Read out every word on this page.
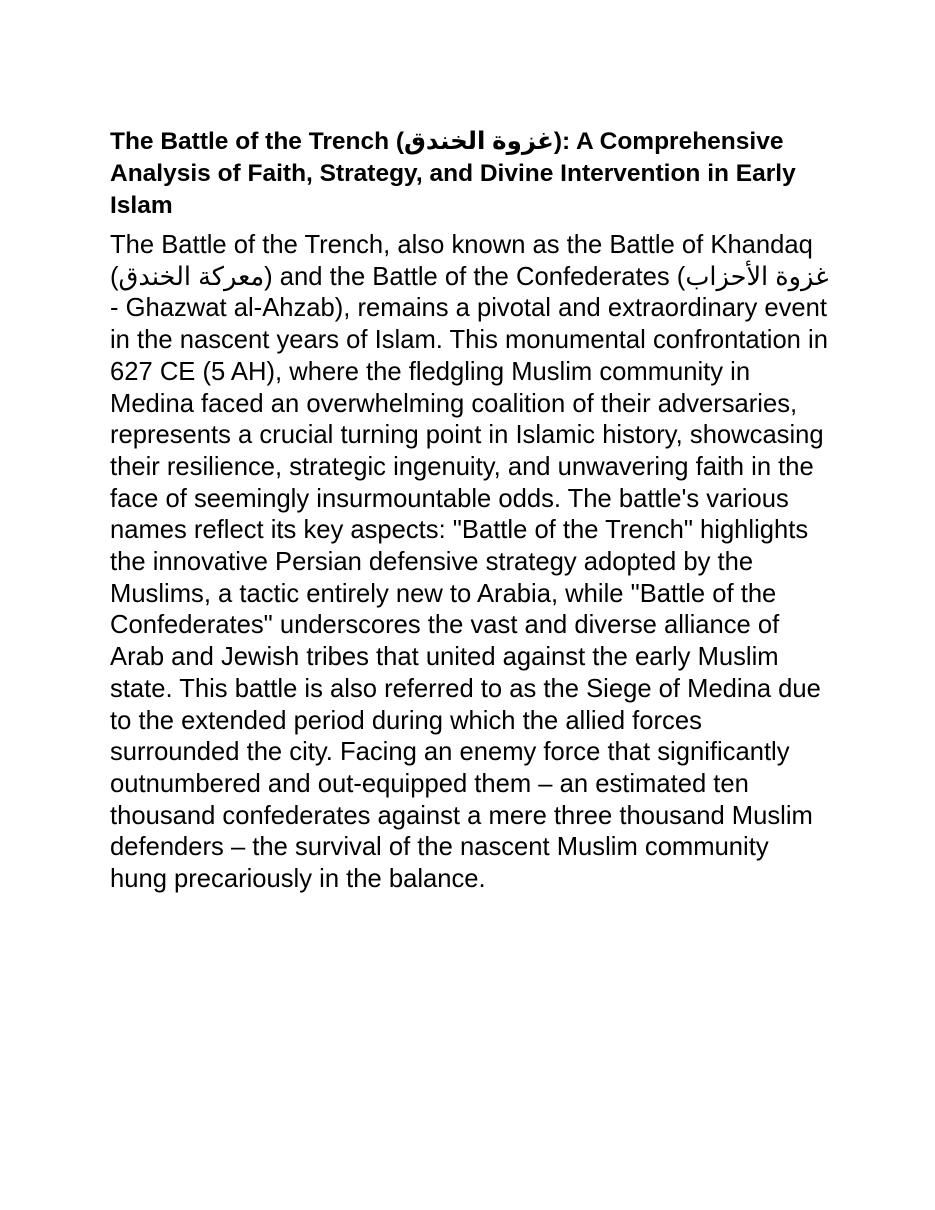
The Battle of the Trench (غزوة الخندق): A Comprehensive Analysis of Faith, Strategy, and Divine Intervention in Early Islam

The Battle of the Trench, also known as the Battle of Khandaq (معركة الخندق) and the Battle of the Confederates (غزوة الأحزاب - Ghazwat al-Ahzab), remains a pivotal and extraordinary event in the nascent years of Islam. This monumental confrontation in 627 CE (5 AH), where the fledgling Muslim community in Medina faced an overwhelming coalition of their adversaries, represents a crucial turning point in Islamic history, showcasing their resilience, strategic ingenuity, and unwavering faith in the face of seemingly insurmountable odds. The battle's various names reflect its key aspects: "Battle of the Trench" highlights the innovative Persian defensive strategy adopted by the Muslims, a tactic entirely new to Arabia, while "Battle of the Confederates" underscores the vast and diverse alliance of Arab and Jewish tribes that united against the early Muslim state. This battle is also referred to as the Siege of Medina due to the extended period during which the allied forces surrounded the city. Facing an enemy force that significantly outnumbered and out-equipped them – an estimated ten thousand confederates against a mere three thousand Muslim defenders – the survival of the nascent Muslim community hung precariously in the balance.
